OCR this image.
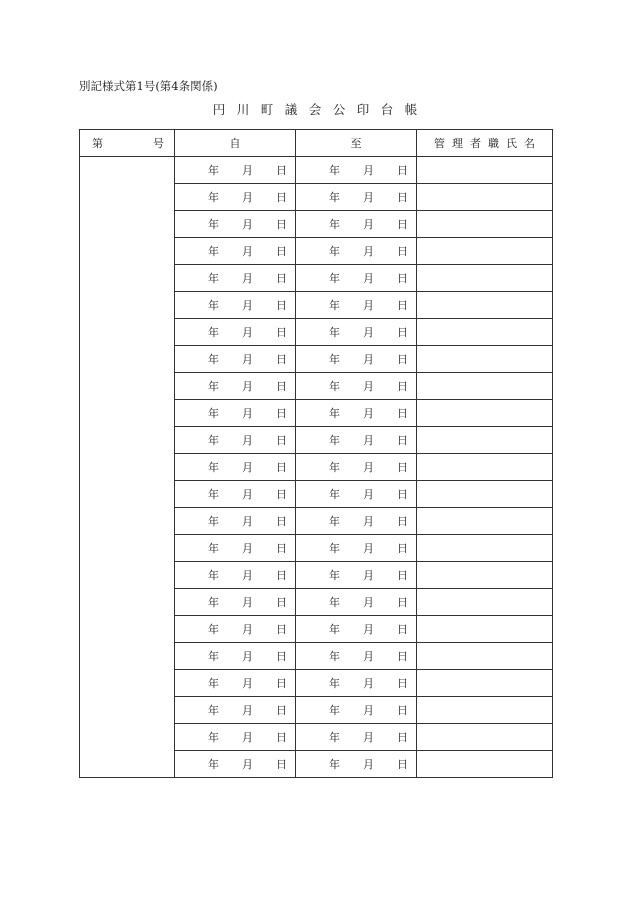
別記様式第1号(第4条関係)
円 川 町 議 会 公 印 台 帳
第 号	自	至	管 理 者 職 氏 名

	年 月 日	年 月 日	

	年 月 日	年 月 日	

	年 月 日	年 月 日	

	年 月 日	年 月 日	

	年 月 日	年 月 日	

	年 月 日	年 月 日	

	年 月 日	年 月 日	

	年 月 日	年 月 日	

	年 月 日	年 月 日	

	年 月 日	年 月 日	

	年 月 日	年 月 日	

	年 月 日	年 月 日	

	年 月 日	年 月 日	

	年 月 日	年 月 日	

	年 月 日	年 月 日	

	年 月 日	年 月 日	

	年 月 日	年 月 日	

	年 月 日	年 月 日	

	年 月 日	年 月 日	

	年 月 日	年 月 日	

	年 月 日	年 月 日	

	年 月 日	年 月 日	

	年 月 日	年 月 日	
